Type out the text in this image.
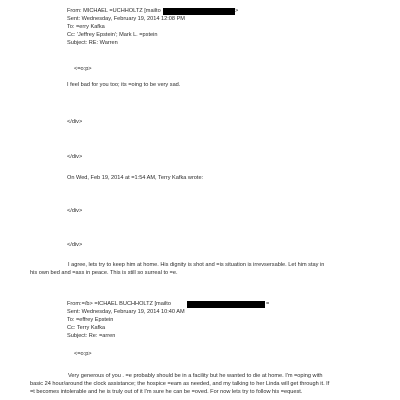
From: MICHAEL =UCHHOLTZ [mailto	>
Sent: Wednesday, February 19, 2014 12:08 PM
To: =erry Kafka
Cc: 'Jeffrey Epstein'; Mark L. =pstein
Subject: RE: Warren
<=o:p>
I feel bad for you too; its =oing to be very sad.
</div>
</div>
On Wed, Feb 19, 2014 at =1:54 AM, Terry Kafka wrote:
</div>
</div>
I agree, lets try to keep him at home. His dignity is shot and =is situation is irrevsersable. Let him stay in
his own bed and =ass in peace. This is still so surreal to =e.
From:=/b> =ICHAEL BUCHHOLTZ [mailto	=
Sent: Wednesday, February 19, 2014 10:40 AM
To: =effrey Epstein
Cc: Terry Kafka
Subject: Re: =arren
<=o:p>
Very generous of you . =e probably should be in a facility but he wanted to die at home. I'm =oping with
basic 24 hour/around the clock assistance; the hospice =eam as needed, and my talking to her Linda will get through it. If
=t becomes intolerable and he is truly out of it I'm sure he can be =oved. For now lets try to follow his =equest.
